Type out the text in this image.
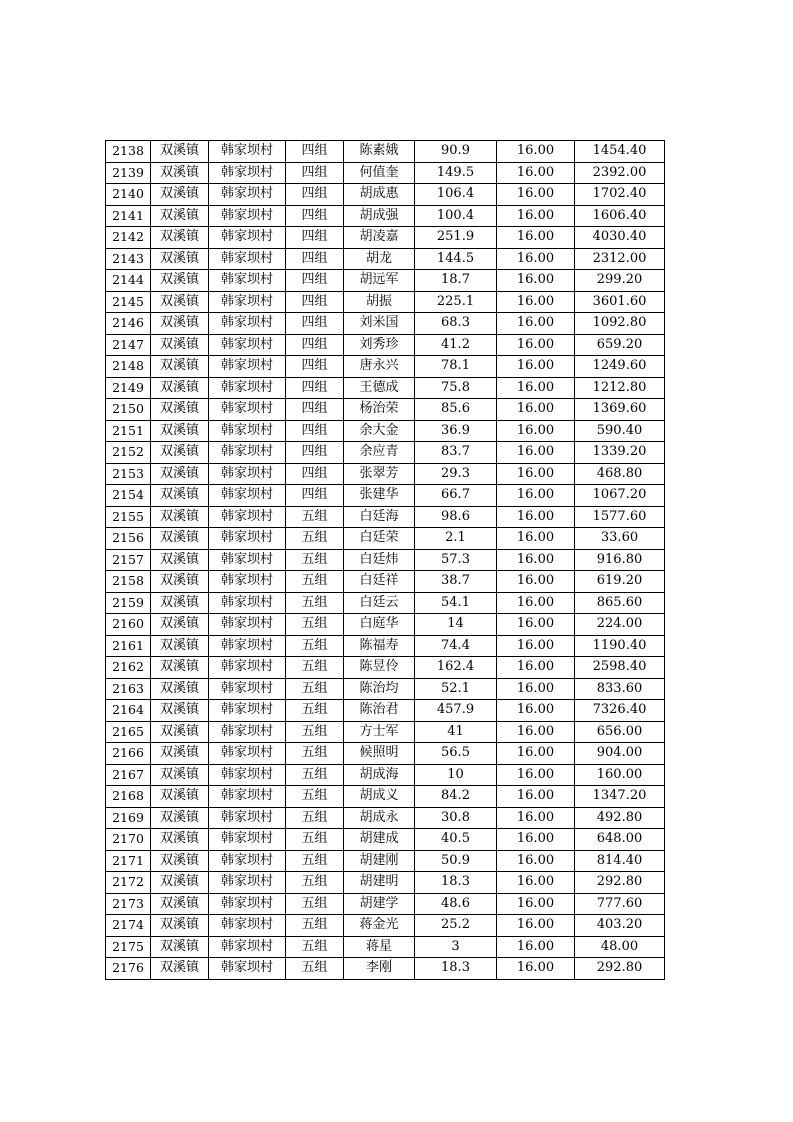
2138	双溪镇	韩家坝村	四组	陈素娥	90.9	16.00	1454.40
2139	双溪镇	韩家坝村	四组	何值奎	149.5	16.00	2392.00
2140	双溪镇	韩家坝村	四组	胡成惠	106.4	16.00	1702.40
2141	双溪镇	韩家坝村	四组	胡成强	100.4	16.00	1606.40
2142	双溪镇	韩家坝村	四组	胡凌嘉	251.9	16.00	4030.40
2143	双溪镇	韩家坝村	四组	胡龙	144.5	16.00	2312.00
2144	双溪镇	韩家坝村	四组	胡远军	18.7	16.00	299.20
2145	双溪镇	韩家坝村	四组	胡振	225.1	16.00	3601.60
2146	双溪镇	韩家坝村	四组	刘米国	68.3	16.00	1092.80
2147	双溪镇	韩家坝村	四组	刘秀珍	41.2	16.00	659.20
2148	双溪镇	韩家坝村	四组	唐永兴	78.1	16.00	1249.60
2149	双溪镇	韩家坝村	四组	王德成	75.8	16.00	1212.80
2150	双溪镇	韩家坝村	四组	杨治荣	85.6	16.00	1369.60
2151	双溪镇	韩家坝村	四组	余大金	36.9	16.00	590.40
2152	双溪镇	韩家坝村	四组	余应青	83.7	16.00	1339.20
2153	双溪镇	韩家坝村	四组	张翠芳	29.3	16.00	468.80
2154	双溪镇	韩家坝村	四组	张建华	66.7	16.00	1067.20
2155	双溪镇	韩家坝村	五组	白廷海	98.6	16.00	1577.60
2156	双溪镇	韩家坝村	五组	白廷荣	2.1	16.00	33.60
2157	双溪镇	韩家坝村	五组	白廷炜	57.3	16.00	916.80
2158	双溪镇	韩家坝村	五组	白廷祥	38.7	16.00	619.20
2159	双溪镇	韩家坝村	五组	白廷云	54.1	16.00	865.60
2160	双溪镇	韩家坝村	五组	白庭华	14	16.00	224.00
2161	双溪镇	韩家坝村	五组	陈福寿	74.4	16.00	1190.40
2162	双溪镇	韩家坝村	五组	陈昱伶	162.4	16.00	2598.40
2163	双溪镇	韩家坝村	五组	陈治均	52.1	16.00	833.60
2164	双溪镇	韩家坝村	五组	陈治君	457.9	16.00	7326.40
2165	双溪镇	韩家坝村	五组	方士军	41	16.00	656.00
2166	双溪镇	韩家坝村	五组	候照明	56.5	16.00	904.00
2167	双溪镇	韩家坝村	五组	胡成海	10	16.00	160.00
2168	双溪镇	韩家坝村	五组	胡成义	84.2	16.00	1347.20
2169	双溪镇	韩家坝村	五组	胡成永	30.8	16.00	492.80
2170	双溪镇	韩家坝村	五组	胡建成	40.5	16.00	648.00
2171	双溪镇	韩家坝村	五组	胡建刚	50.9	16.00	814.40
2172	双溪镇	韩家坝村	五组	胡建明	18.3	16.00	292.80
2173	双溪镇	韩家坝村	五组	胡建学	48.6	16.00	777.60
2174	双溪镇	韩家坝村	五组	蒋金光	25.2	16.00	403.20
2175	双溪镇	韩家坝村	五组	蒋星	3	16.00	48.00
2176	双溪镇	韩家坝村	五组	李刚	18.3	16.00	292.80
